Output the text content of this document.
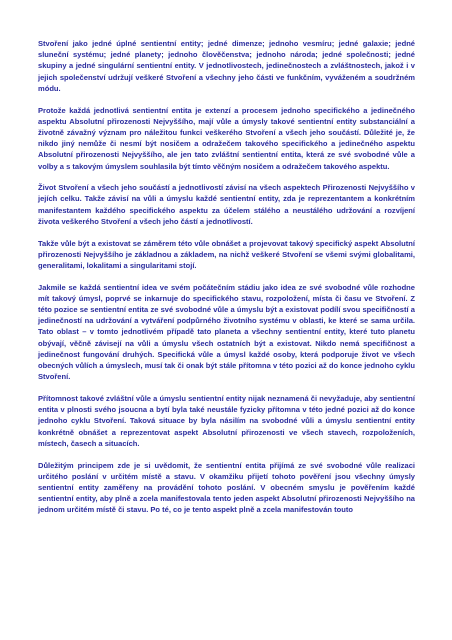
Stvoření jako jedné úplné sentientní entity; jedné dimenze; jednoho vesmíru; jedné galaxie; jedné sluneční systému; jedné planety; jednoho člověčenstva; jednoho národa; jedné společnosti; jedné skupiny a jedné singulární sentientní entity. V jednotlivostech, jedinečnostech a zvláštnostech, jakož i v jejich společenství udržují veškeré Stvoření a všechny jeho části ve funkčním, vyváženém a soudržném módu.

Protože každá jednotlivá sentientní entita je extenzí a procesem jednoho specifického a jedinečného aspektu Absolutní přirozenosti Nejvyššího, mají vůle a úmysly takové sentientní entity substanciální a životně závažný význam pro náležitou funkci veškerého Stvoření a všech jeho součástí. Důležité je, že nikdo jiný nemůže či nesmí být nosičem a odražečem takového specifického a jedinečného aspektu Absolutní přirozenosti Nejvyššího, ale jen tato zvláštní sentientní entita, která ze své svobodné vůle a volby a s takovým úmyslem souhlasila být tímto věčným nosičem a odražečem takového aspektu.

Život Stvoření a všech jeho součástí a jednotlivostí závisí na všech aspektech Přirozenosti Nejvyššího v jejích celku. Takže závisí na vůli a úmyslu každé sentientní entity, zda je reprezentantem a konkrétním manifestantem každého specifického aspektu za účelem stálého a neustálého udržování a rozvíjení života veškerého Stvoření a všech jeho částí a jednotlivostí.

Takže vůle být a existovat se záměrem této vůle obnášet a projevovat takový specifický aspekt Absolutní přirozenosti Nejvyššího je základnou a základem, na nichž veškeré Stvoření se všemi svými globalitami, generalitami, lokalitami a singularitami stojí.

Jakmile se každá sentientní idea ve svém počátečním stádiu jako idea ze své svobodné vůle rozhodne mít takový úmysl, poprvé se inkarnuje do specifického stavu, rozpoložení, místa či času ve Stvoření. Z této pozice se sentientní entita ze své svobodné vůle a úmyslu být a existovat podílí svou specifičností a jedinečností na udržování a vytváření podpůrného životního systému v oblasti, ke které se sama určila. Tato oblast – v tomto jednotlivém případě tato planeta a všechny sentientní entity, které tuto planetu obývají, věčně závisejí na vůli a úmyslu všech ostatních být a existovat. Nikdo nemá specifičnost a jedinečnost fungování druhých. Specifická vůle a úmysl každé osoby, která podporuje život ve všech obecných vůlích a úmyslech, musí tak či onak být stále přítomna v této pozici až do konce jednoho cyklu Stvoření.

Přítomnost takové zvláštní vůle a úmyslu sentientní entity nijak neznamená či nevyžaduje, aby sentientní entita v plnosti svého jsoucna a bytí byla také neustále fyzicky přítomna v této jedné pozici až do konce jednoho cyklu Stvoření. Taková situace by byla násilím na svobodné vůli a úmyslu sentientní entity konkrétně obnášet a reprezentovat aspekt Absolutní přirozenosti ve všech stavech, rozpoloženích, místech, časech a situacích.

Důležitým principem zde je si uvědomit, že sentientní entita přijímá ze své svobodné vůle realizaci určitého poslání v určitém místě a stavu. V okamžiku přijetí tohoto pověření jsou všechny úmysly sentientní entity zaměřeny na provádění tohoto poslání. V obecném smyslu je pověřením každé sentientní entity, aby plně a zcela manifestovala tento jeden aspekt Absolutní přirozenosti Nejvyššího na jednom určitém místě či stavu. Po té, co je tento aspekt plně a zcela manifestován touto
